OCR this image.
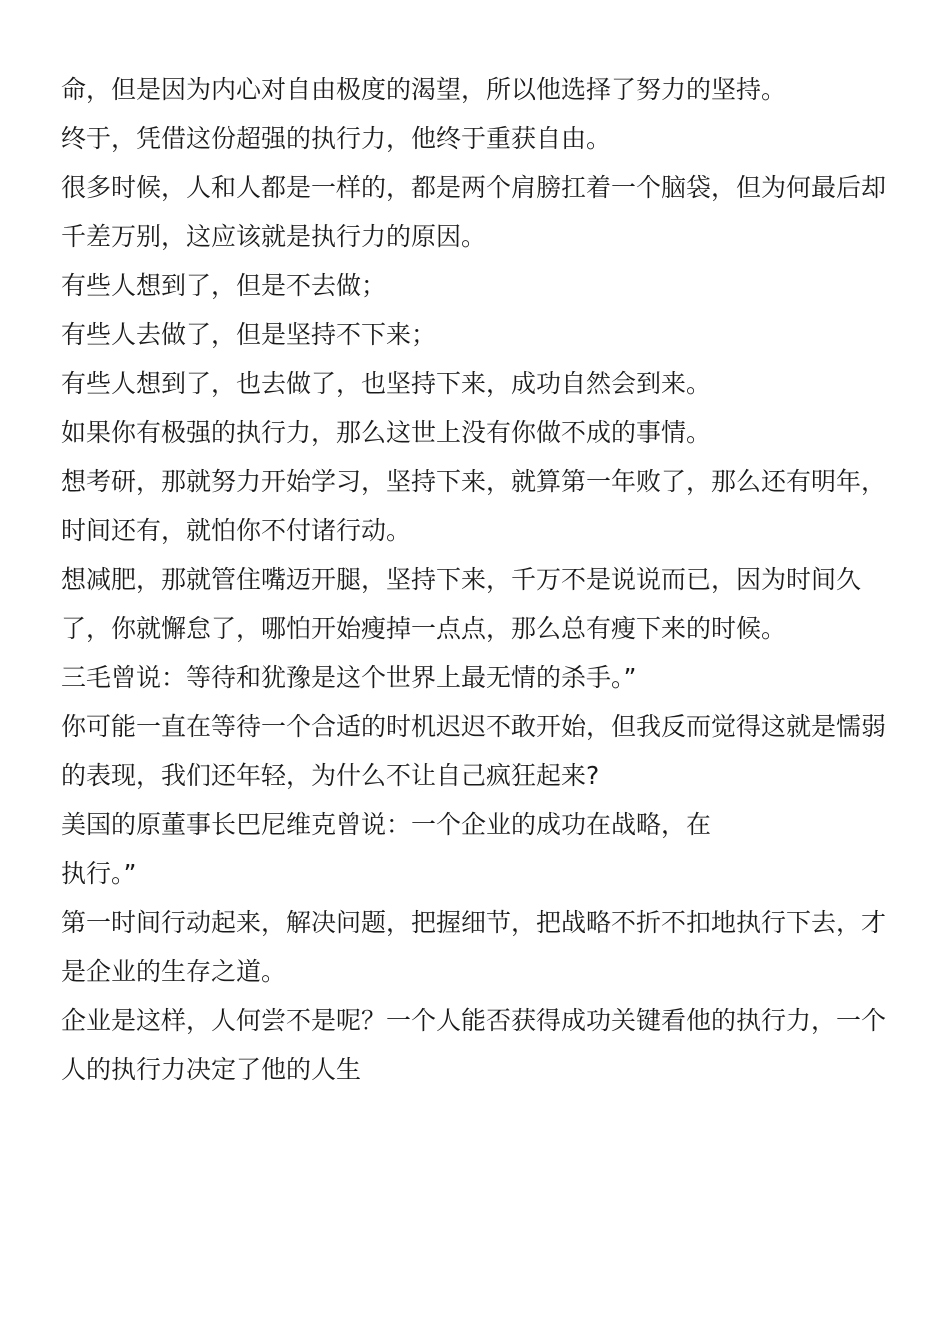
命，但是因为内心对自由极度的渴望，所以他选择了努力的坚持。

终于，凭借这份超强的执行力，他终于重获自由。

很多时候，人和人都是一样的，都是两个肩膀扛着一个脑袋，但为何最后却千差万别，这应该就是执行力的原因。

有些人想到了，但是不去做；

有些人去做了，但是坚持不下来；

有些人想到了，也去做了，也坚持下来，成功自然会到来。

如果你有极强的执行力，那么这世上没有你做不成的事情。

想考研，那就努力开始学习，坚持下来，就算第一年败了，那么还有明年，时间还有，就怕你不付诸行动。

想减肥，那就管住嘴迈开腿，坚持下来，千万不是说说而已，因为时间久了，你就懈怠了，哪怕开始瘦掉一点点，那么总有瘦下来的时候。

三毛曾说：等待和犹豫是这个世界上最无情的杀手。”

你可能一直在等待一个合适的时机迟迟不敢开始，但我反而觉得这就是懦弱的表现，我们还年轻，为什么不让自己疯狂起来?

美国的原董事长巴尼维克曾说：一个企业的成功在战略，在

执行。”

第一时间行动起来，解决问题，把握细节，把战略不折不扣地执行下去，才是企业的生存之道。

企业是这样，人何尝不是呢？一个人能否获得成功关键看他的执行力，一个人的执行力决定了他的人生
